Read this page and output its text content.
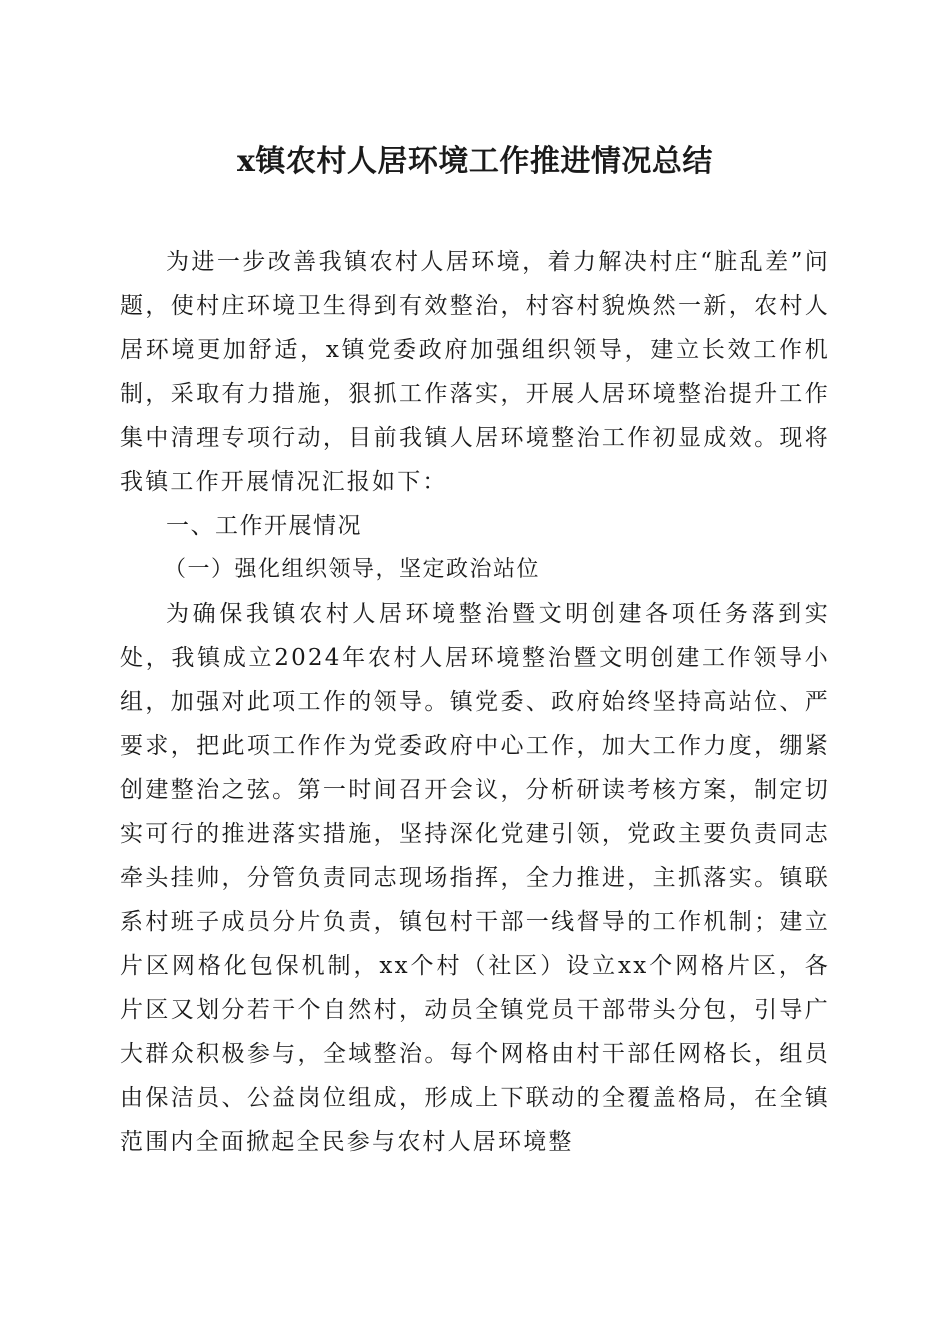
x镇农村人居环境工作推进情况总结

为进一步改善我镇农村人居环境，着力解决村庄“脏乱差”问题，使村庄环境卫生得到有效整治，村容村貌焕然一新，农村人居环境更加舒适，x镇党委政府加强组织领导，建立长效工作机制，采取有力措施，狠抓工作落实，开展人居环境整治提升工作集中清理专项行动，目前我镇人居环境整治工作初显成效。现将我镇工作开展情况汇报如下：

一、工作开展情况

（一）强化组织领导，坚定政治站位

为确保我镇农村人居环境整治暨文明创建各项任务落到实处，我镇成立2024年农村人居环境整治暨文明创建工作领导小组，加强对此项工作的领导。镇党委、政府始终坚持高站位、严要求，把此项工作作为党委政府中心工作，加大工作力度，绷紧创建整治之弦。第一时间召开会议，分析研读考核方案，制定切实可行的推进落实措施，坚持深化党建引领，党政主要负责同志牵头挂帅，分管负责同志现场指挥，全力推进，主抓落实。镇联系村班子成员分片负责，镇包村干部一线督导的工作机制；建立片区网格化包保机制，xx个村（社区）设立xx个网格片区，各片区又划分若干个自然村，动员全镇党员干部带头分包，引导广大群众积极参与，全域整治。每个网格由村干部任网格长，组员由保洁员、公益岗位组成，形成上下联动的全覆盖格局，在全镇范围内全面掀起全民参与农村人居环境整
